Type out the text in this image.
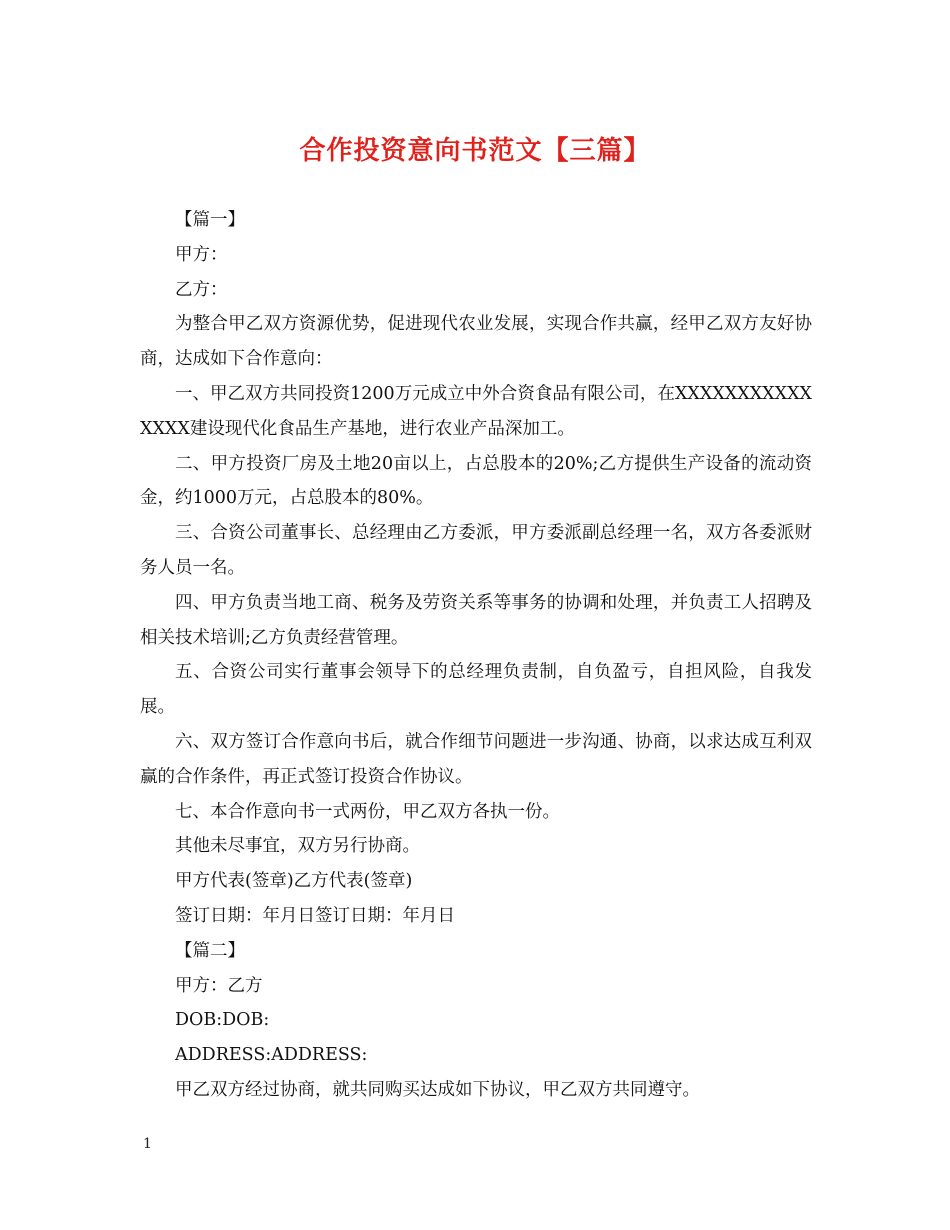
合作投资意向书范文【三篇】

【篇一】

甲方：

乙方：

为整合甲乙双方资源优势，促进现代农业发展，实现合作共赢，经甲乙双方友好协商，达成如下合作意向：

一、甲乙双方共同投资1200万元成立中外合资食品有限公司，在XXXXXXXXXXXXXXX建设现代化食品生产基地，进行农业产品深加工。

二、甲方投资厂房及土地20亩以上，占总股本的20%;乙方提供生产设备的流动资金，约1000万元，占总股本的80%。

三、合资公司董事长、总经理由乙方委派，甲方委派副总经理一名，双方各委派财务人员一名。

四、甲方负责当地工商、税务及劳资关系等事务的协调和处理，并负责工人招聘及相关技术培训;乙方负责经营管理。

五、合资公司实行董事会领导下的总经理负责制，自负盈亏，自担风险，自我发展。

六、双方签订合作意向书后，就合作细节问题进一步沟通、协商，以求达成互利双赢的合作条件，再正式签订投资合作协议。

七、本合作意向书一式两份，甲乙双方各执一份。

其他未尽事宜，双方另行协商。

甲方代表(签章)乙方代表(签章)

签订日期：年月日签订日期：年月日

【篇二】

甲方：乙方

DOB:DOB:

ADDRESS:ADDRESS:

甲乙双方经过协商，就共同购买达成如下协议，甲乙双方共同遵守。

1
